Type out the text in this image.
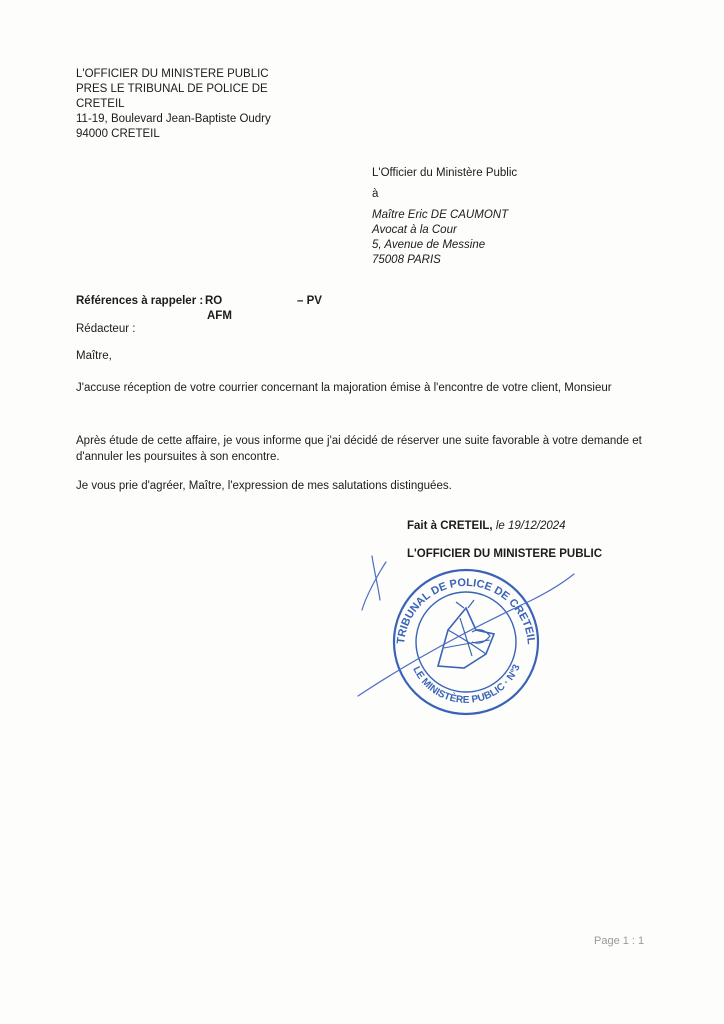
L'OFFICIER DU MINISTERE PUBLIC
PRES LE TRIBUNAL DE POLICE DE
CRETEIL
11-19, Boulevard Jean-Baptiste Oudry
94000 CRETEIL
L'Officier du Ministère Public
à
Maître Eric DE CAUMONT
Avocat à la Cour
5, Avenue de Messine
75008 PARIS
Références à rappeler : RO	– PV
AFM
Rédacteur :
Maître,
J'accuse réception de votre courrier concernant la majoration émise à l'encontre de votre client, Monsieur
Après étude de cette affaire, je vous informe que j'ai décidé de réserver une suite favorable à votre demande et
d'annuler les poursuites à son encontre.
Je vous prie d'agréer, Maître, l'expression de mes salutations distinguées.
Fait à CRETEIL, le 19/12/2024
L'OFFICIER DU MINISTERE PUBLIC
TRIBUNAL DE POLICE DE CRETEIL (V-d-M)
LE MINISTÈRE PUBLIC · N°3
Page 1 : 1
